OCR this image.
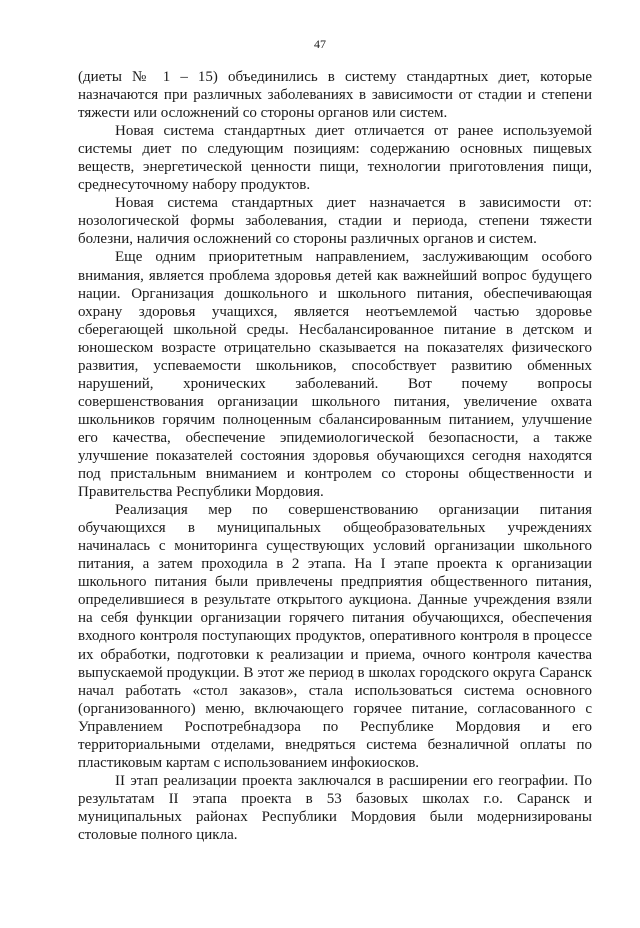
47

(диеты № 1 – 15) объединились в систему стандартных диет, которые назначаются при различных заболеваниях в зависимости от стадии и степени тяжести или осложнений со стороны органов или систем.

Новая система стандартных диет отличается от ранее используемой системы диет по следующим позициям: содержанию основных пищевых веществ, энергетической ценности пищи, технологии приготовления пищи, среднесуточному набору продуктов.

Новая система стандартных диет назначается в зависимости от: нозологической формы заболевания, стадии и периода, степени тяжести болезни, наличия осложнений со стороны различных органов и систем.

Еще одним приоритетным направлением, заслуживающим особого внимания, является проблема здоровья детей как важнейший вопрос будущего нации. Организация дошкольного и школьного питания, обеспечивающая охрану здоровья учащихся, является неотъемлемой частью здоровье сберегающей школьной среды. Несбалансированное питание в детском и юношеском возрасте отрицательно сказывается на показателях физического развития, успеваемости школьников, способствует развитию обменных нарушений, хронических заболеваний. Вот почему вопросы совершенствования организации школьного питания, увеличение охвата школьников горячим полноценным сбалансированным питанием, улучшение его качества, обеспечение эпидемиологической безопасности, а также улучшение показателей состояния здоровья обучающихся сегодня находятся под пристальным вниманием и контролем со стороны общественности и Правительства Республики Мордовия.

Реализация мер по совершенствованию организации питания обучающихся в муниципальных общеобразовательных учреждениях начиналась с мониторинга существующих условий организации школьного питания, а затем проходила в 2 этапа. На I этапе проекта к организации школьного питания были привлечены предприятия общественного питания, определившиеся в результате открытого аукциона. Данные учреждения взяли на себя функции организации горячего питания обучающихся, обеспечения входного контроля поступающих продуктов, оперативного контроля в процессе их обработки, подготовки к реализации и приема, очного контроля качества выпускаемой продукции. В этот же период в школах городского округа Саранск начал работать «стол заказов», стала использоваться система основного (организованного) меню, включающего горячее питание, согласованного с Управлением Роспотребнадзора по Республике Мордовия и его территориальными отделами, внедряться система безналичной оплаты по пластиковым картам с использованием инфокиосков.

II этап реализации проекта заключался в расширении его географии. По результатам II этапа проекта в 53 базовых школах г.о. Саранск и муниципальных районах Республики Мордовия были модернизированы столовые полного цикла.
